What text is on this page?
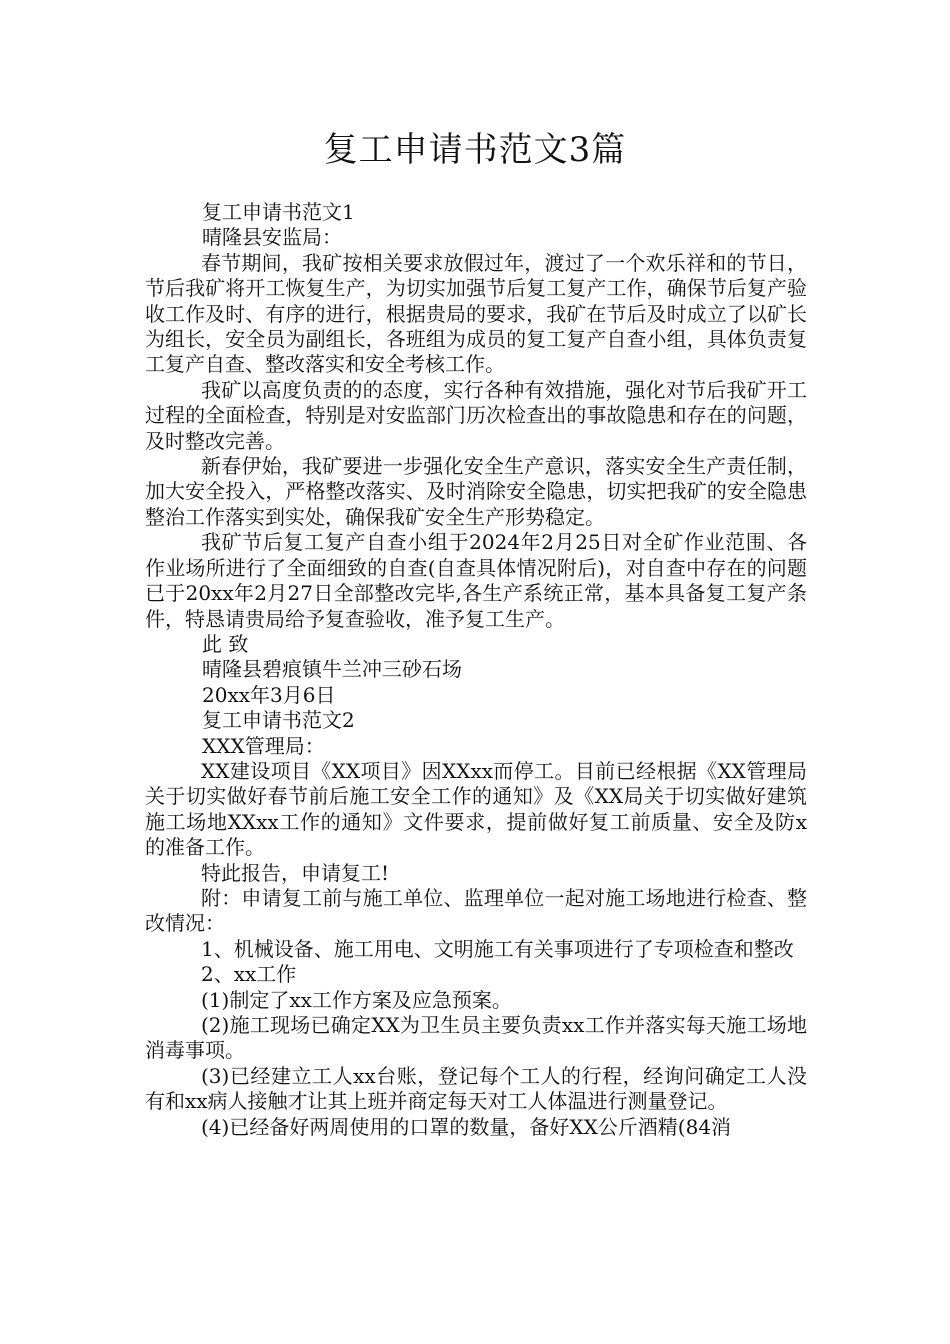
复工申请书范文3篇

复工申请书范文1

晴隆县安监局：

春节期间，我矿按相关要求放假过年，渡过了一个欢乐祥和的节日，节后我矿将开工恢复生产，为切实加强节后复工复产工作，确保节后复产验收工作及时、有序的进行，根据贵局的要求，我矿在节后及时成立了以矿长为组长，安全员为副组长，各班组为成员的复工复产自查小组，具体负责复工复产自查、整改落实和安全考核工作。

我矿以高度负责的的态度，实行各种有效措施，强化对节后我矿开工过程的全面检查，特别是对安监部门历次检查出的事故隐患和存在的问题，及时整改完善。

新春伊始，我矿要进一步强化安全生产意识，落实安全生产责任制，加大安全投入，严格整改落实、及时消除安全隐患，切实把我矿的安全隐患整治工作落实到实处，确保我矿安全生产形势稳定。

我矿节后复工复产自查小组于2024年2月25日对全矿作业范围、各作业场所进行了全面细致的自查(自查具体情况附后)，对自查中存在的问题已于20xx年2月27日全部整改完毕,各生产系统正常，基本具备复工复产条件，特恳请贵局给予复查验收，准予复工生产。

此 致

晴隆县碧痕镇牛兰冲三砂石场

20xx年3月6日

复工申请书范文2

XXX管理局：

XX建设项目《XX项目》因XXxx而停工。目前已经根据《XX管理局关于切实做好春节前后施工安全工作的通知》及《XX局关于切实做好建筑施工场地XXxx工作的通知》文件要求，提前做好复工前质量、安全及防x的准备工作。

特此报告，申请复工!

附：申请复工前与施工单位、监理单位一起对施工场地进行检查、整改情况：

1、机械设备、施工用电、文明施工有关事项进行了专项检查和整改

2、xx工作

(1)制定了xx工作方案及应急预案。

(2)施工现场已确定XX为卫生员主要负责xx工作并落实每天施工场地消毒事项。

(3)已经建立工人xx台账，登记每个工人的行程，经询问确定工人没有和xx病人接触才让其上班并商定每天对工人体温进行测量登记。

(4)已经备好两周使用的口罩的数量，备好XX公斤酒精(84消
